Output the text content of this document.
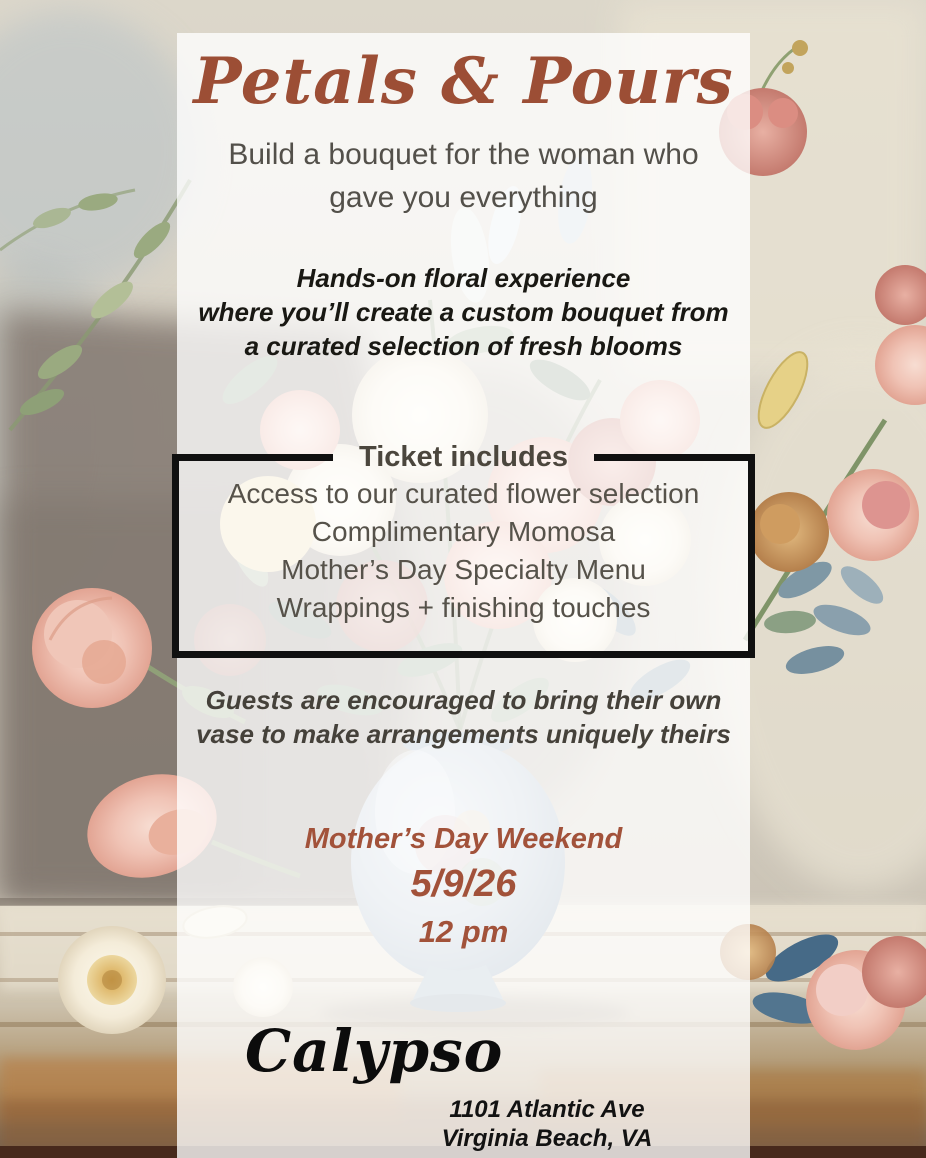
Petals & Pours
Build a bouquet for the woman who
gave you everything
Hands-on floral experience
where you’ll create a custom bouquet from
a curated selection of fresh blooms
Ticket includes
Access to our curated flower selection
Complimentary Momosa
Mother’s Day Specialty Menu
Wrappings + finishing touches
Guests are encouraged to bring their own
vase to make arrangements uniquely theirs
Mother’s Day Weekend
5/9/26
12 pm
Calypso
1101 Atlantic Ave
Virginia Beach, VA
